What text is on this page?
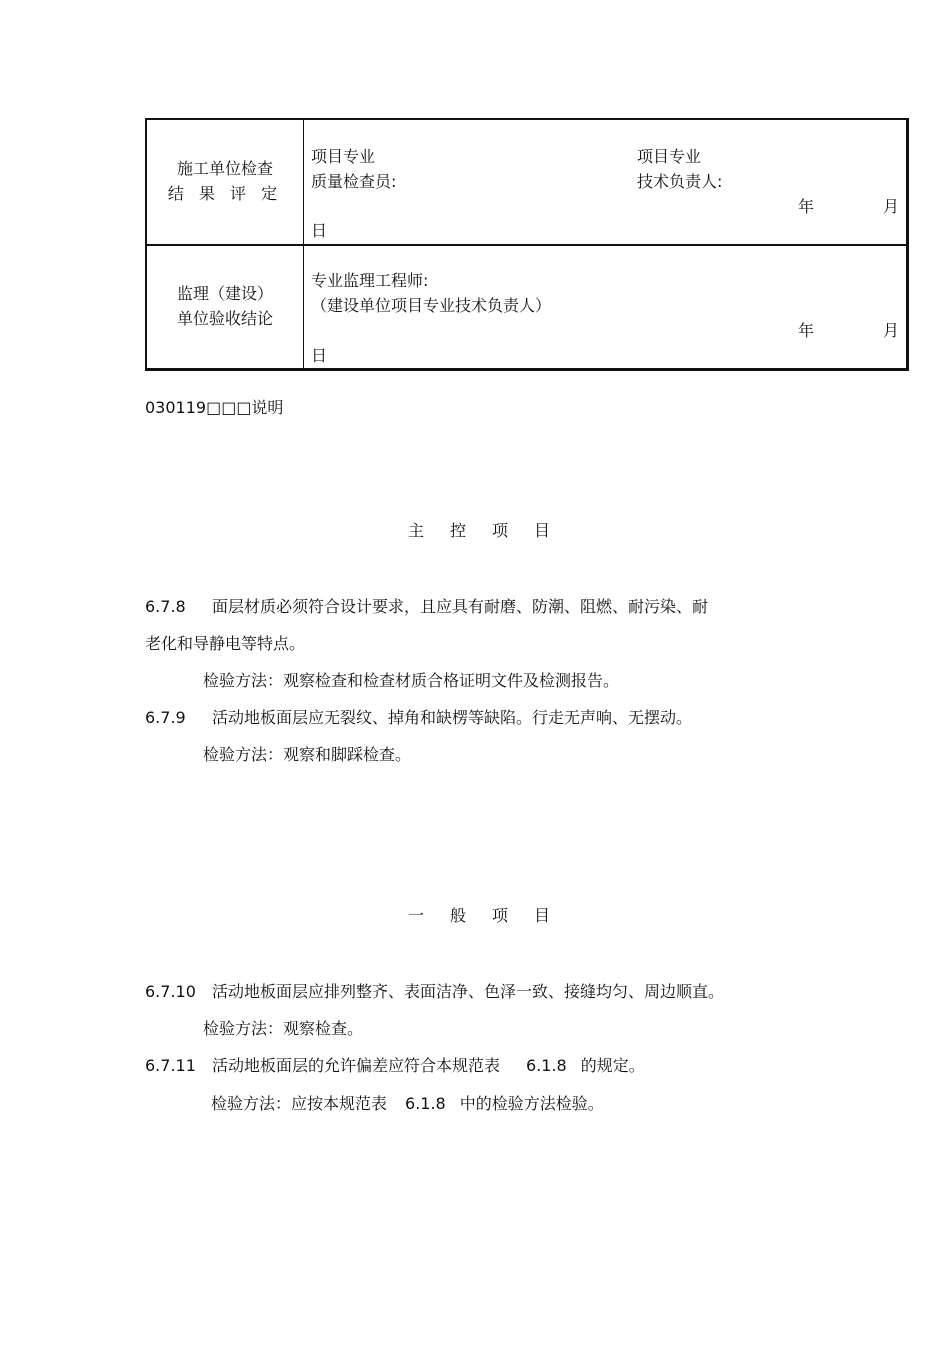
施工单位检查
结 果 评 定
项目专业
质量检查员:
项目专业
技术负责人:
年	月
日
监理（建设）
单位验收结论
专业监理工程师:
（建设单位项目专业技术负责人）
年	月
日
030119□□□说明
主 控 项 目
6.7.8 面层材质必须符合设计要求，且应具有耐磨、防潮、阻燃、耐污染、耐
老化和导静电等特点。
检验方法：观察检查和检查材质合格证明文件及检测报告。
6.7.9 活动地板面层应无裂纹、掉角和缺楞等缺陷。行走无声响、无摆动。
检验方法：观察和脚踩检查。
一 般 项 目
6.7.10 活动地板面层应排列整齐、表面洁净、色泽一致、接缝均匀、周边顺直。
检验方法：观察检查。
6.7.11 活动地板面层的允许偏差应符合本规范表 6.1.8 的规定。
检验方法：应按本规范表 6.1.8 中的检验方法检验。
